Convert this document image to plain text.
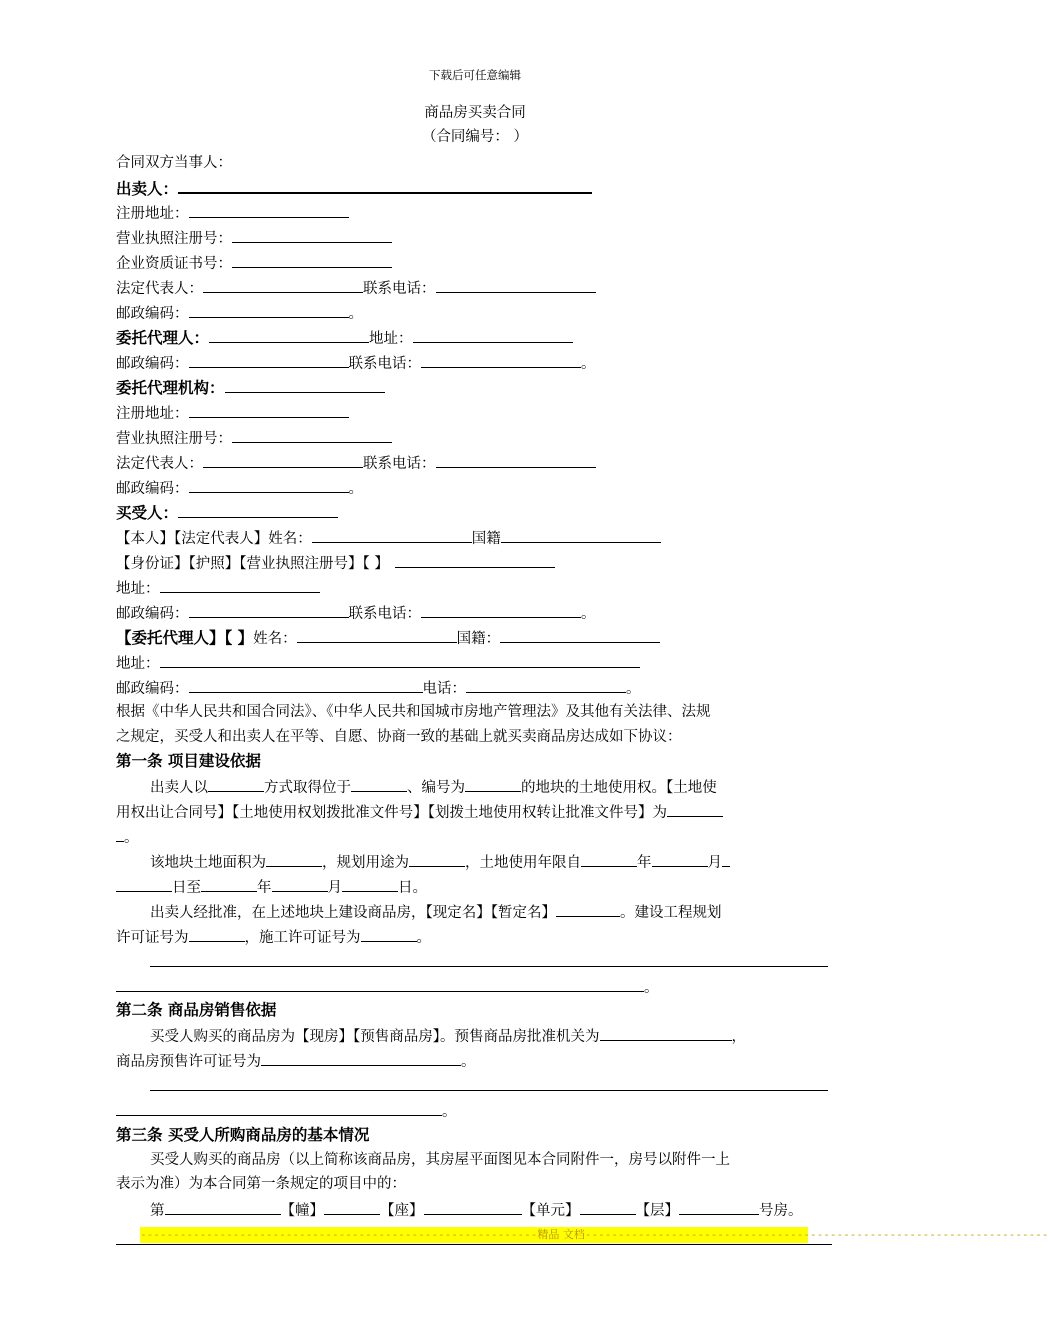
下载后可任意编辑
商品房买卖合同
（合同编号： ）
合同双方当事人：
出卖人：
注册地址：
营业执照注册号：
企业资质证书号：
法定代表人：	联系电话：
邮政编码：	。
委托代理人：	地址：
邮政编码：	联系电话：	。
委托代理机构：
注册地址：
营业执照注册号：
法定代表人：	联系电话：
邮政编码：	。
买受人：
【本人】【法定代表人】姓名：	国籍
【身份证】【护照】【营业执照注册号】【 】
地址：
邮政编码：	联系电话：	。
【委托代理人】【 】姓名：	国籍：
地址：
邮政编码：	电话：	。
根据《中华人民共和国合同法》、《中华人民共和国城市房地产管理法》及其他有关法律、法规
之规定，买受人和出卖人在平等、自愿、协商一致的基础上就买卖商品房达成如下协议：
第一条 项目建设依据
出卖人以	方式取得位于	、编号为	的地块的土地使用权。【土地使
用权出让合同号】【土地使用权划拨批准文件号】【划拨土地使用权转让批准文件号】为
。
该地块土地面积为	，规划用途为	，土地使用年限自	年	月
日至	年	月	日。
出卖人经批准，在上述地块上建设商品房，【现定名】【暂定名】	。建设工程规划
许可证号为	，施工许可证号为	。
。
第二条 商品房销售依据
买受人购买的商品房为【现房】【预售商品房】。预售商品房批准机关为	，
商品房预售许可证号为	。
。
第三条 买受人所购商品房的基本情况
买受人购买的商品房（以上简称该商品房，其房屋平面图见本合同附件一，房号以附件一上
表示为准）为本合同第一条规定的项目中的：
第	【幢】	【座】	【单元】	【层】	号房。
------------------------------------------------------------精品 文档----------------------------------------------------------------------
